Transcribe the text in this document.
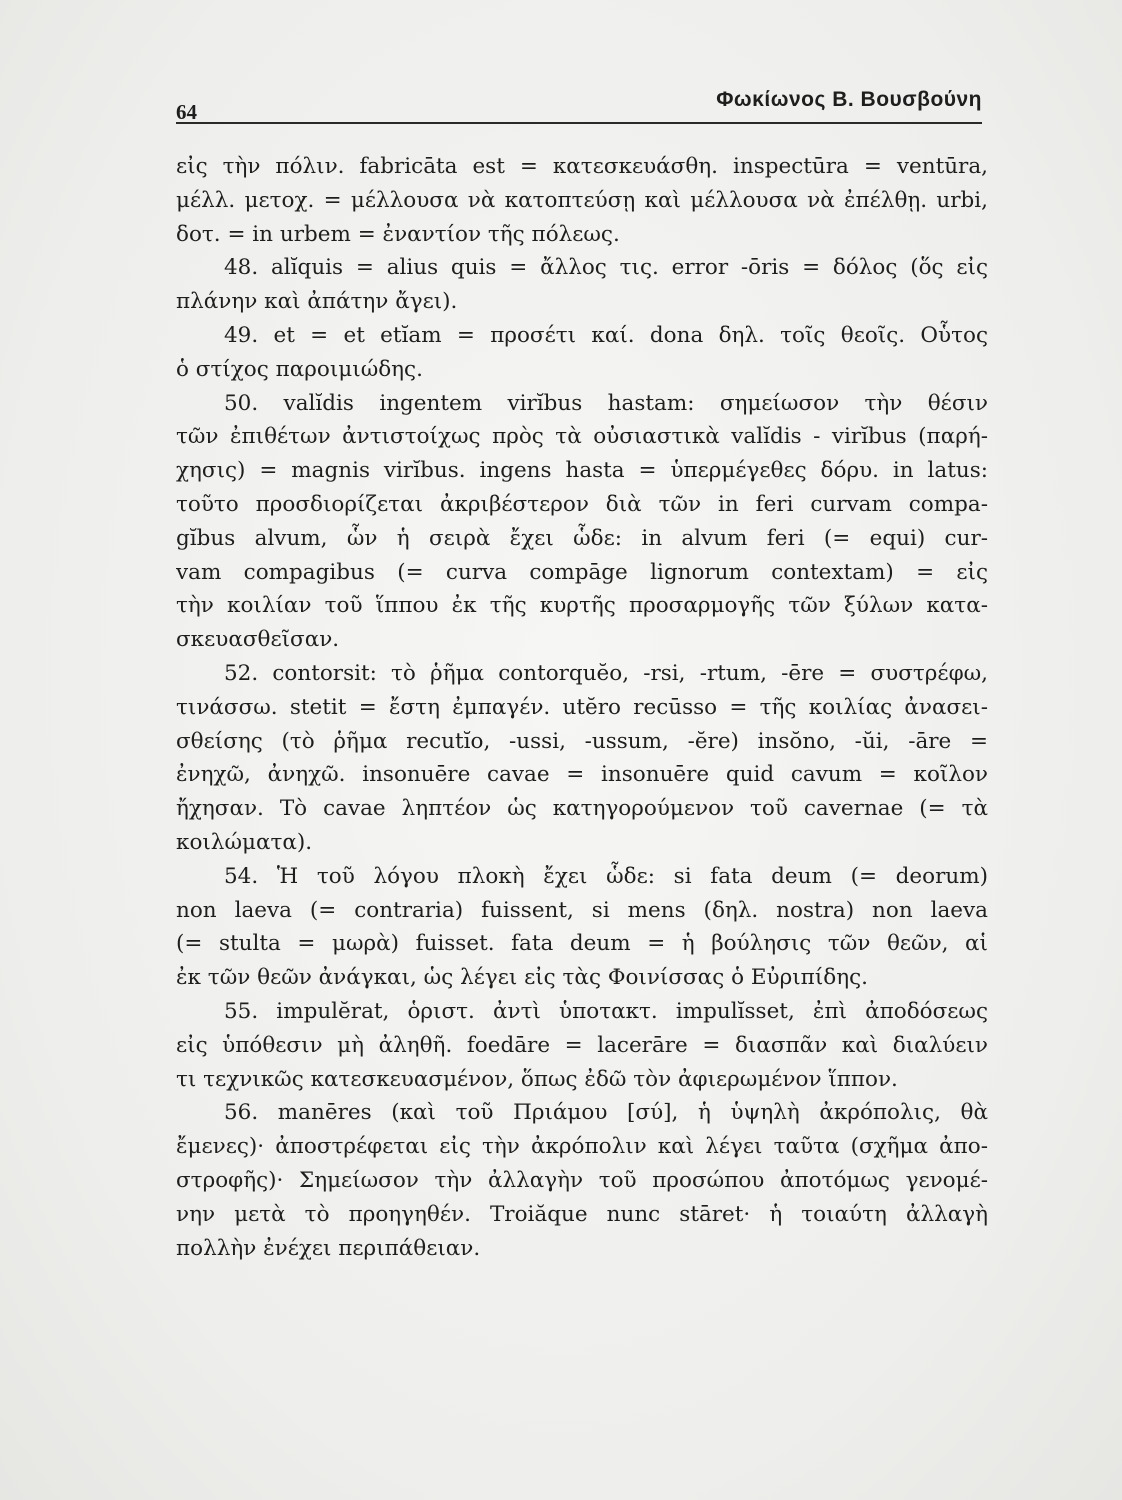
64
Φωκίωνος Β. Βουσβούνη
εἰς τὴν πόλιν. fabricāta est = κατεσκευάσθη. inspectūra = ventūra,
μέλλ. μετοχ. = μέλλουσα νὰ κατοπτεύσῃ καὶ μέλλουσα νὰ ἐπέλθῃ. urbi,
δοτ. = in urbem = ἐναντίον τῆς πόλεως.
48. alĭquis = alius quis = ἄλλος τις. error -ōris = δόλος (ὅς εἰς
πλάνην καὶ ἀπάτην ἄγει).
49. et = et etĭam = προσέτι καί. dona δηλ. τοῖς θεοῖς. Οὗτος
ὁ στίχος παροιμιώδης.
50. valĭdis ingentem virĭbus hastam: σημείωσον τὴν θέσιν
τῶν ἐπιθέτων ἀντιστοίχως πρὸς τὰ οὐσιαστικὰ valĭdis - virĭbus (παρή-
χησις) = magnis virĭbus. ingens hasta = ὑπερμέγεθες δόρυ. in latus:
τοῦτο προσδιορίζεται ἀκριβέστερον διὰ τῶν in feri curvam compa-
gĭbus alvum, ὧν ἡ σειρὰ ἔχει ὧδε: in alvum feri (= equi) cur-
vam compagibus (= curva compāge lignorum contextam) = εἰς
τὴν κοιλίαν τοῦ ἵππου ἐκ τῆς κυρτῆς προσαρμογῆς τῶν ξύλων κατα-
σκευασθεῖσαν.
52. contorsit: τὸ ῥῆμα contorquĕo, -rsi, -rtum, -ēre = συστρέφω,
τινάσσω. stetit = ἔστη ἐμπαγέν. utĕro recūsso = τῆς κοιλίας ἀνασει-
σθείσης (τὸ ῥῆμα recutĭo, -ussi, -ussum, -ĕre) insŏno, -ŭi, -āre =
ἐνηχῶ, ἀνηχῶ. insonuēre cavae = insonuēre quid cavum = κοῖλον
ἤχησαν. Τὸ cavae ληπτέον ὡς κατηγορούμενον τοῦ cavernae (= τὰ
κοιλώματα).
54. Ἡ τοῦ λόγου πλοκὴ ἔχει ὧδε: si fata deum (= deorum)
non laeva (= contraria) fuissent, si mens (δηλ. nostra) non laeva
(= stulta = μωρὰ) fuisset. fata deum = ἡ βούλησις τῶν θεῶν, αἱ
ἐκ τῶν θεῶν ἀνάγκαι, ὡς λέγει εἰς τὰς Φοινίσσας ὁ Εὐριπίδης.
55. impulĕrat, ὁριστ. ἀντὶ ὑποτακτ. impulĭsset, ἐπὶ ἀποδόσεως
εἰς ὑπόθεσιν μὴ ἀληθῆ. foedāre = lacerāre = διασπᾶν καὶ διαλύειν
τι τεχνικῶς κατεσκευασμένον, ὅπως ἐδῶ τὸν ἀφιερωμένον ἵππον.
56. manēres (καὶ τοῦ Πριάμου [σύ], ἡ ὑψηλὴ ἀκρόπολις, θὰ
ἔμενες)· ἀποστρέφεται εἰς τὴν ἀκρόπολιν καὶ λέγει ταῦτα (σχῆμα ἀπο-
στροφῆς)· Σημείωσον τὴν ἀλλαγὴν τοῦ προσώπου ἀποτόμως γενομέ-
νην μετὰ τὸ προηγηθέν. Troiăque nunc stāret· ἡ τοιαύτη ἀλλαγὴ
πολλὴν ἐνέχει περιπάθειαν.
